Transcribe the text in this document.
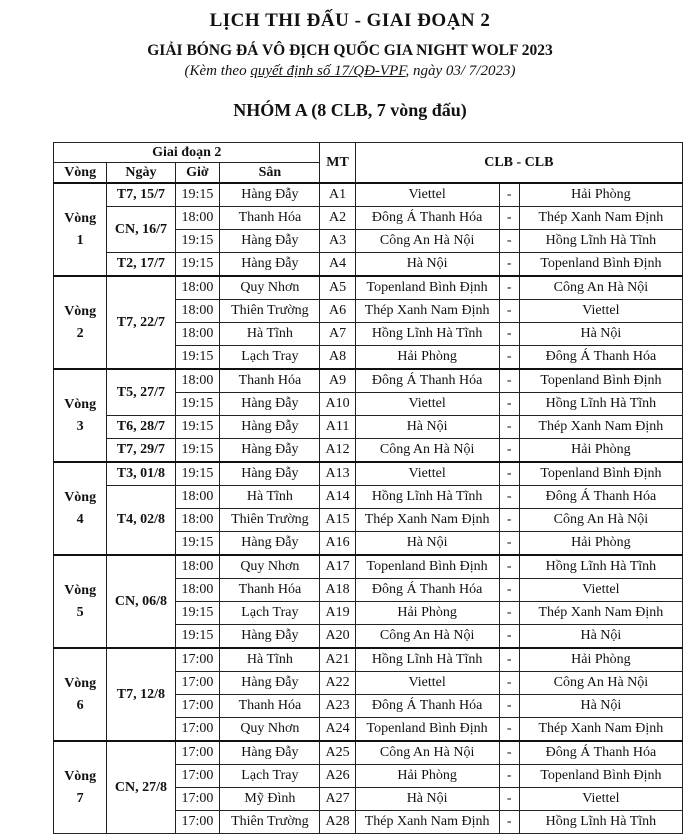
LỊCH THI ĐẤU - GIAI ĐOẠN 2
GIẢI BÓNG ĐÁ VÔ ĐỊCH QUỐC GIA NIGHT WOLF 2023
(Kèm theo quyết định số 17/QĐ-VPF, ngày 03/ 7/2023)
NHÓM A (8 CLB, 7 vòng đấu)
Giai đoạn 2				MT	CLB - CLB		
Vòng	Ngày	Giờ	Sân				

Vòng
1	T7, 15/7	19:15	Hàng Đẫy	A1	Viettel	-	Hải Phòng
	CN, 16/7	18:00	Thanh Hóa	A2	Đông Á Thanh Hóa	-	Thép Xanh Nam Định
		19:15	Hàng Đẫy	A3	Công An Hà Nội	-	Hồng Lĩnh Hà Tĩnh
	T2, 17/7	19:15	Hàng Đẫy	A4	Hà Nội	-	Topenland Bình Định

Vòng
2	T7, 22/7	18:00	Quy Nhơn	A5	Topenland Bình Định	-	Công An Hà Nội
		18:00	Thiên Trường	A6	Thép Xanh Nam Định	-	Viettel
		18:00	Hà Tĩnh	A7	Hồng Lĩnh Hà Tĩnh	-	Hà Nội
		19:15	Lạch Tray	A8	Hải Phòng	-	Đông Á Thanh Hóa

Vòng
3	T5, 27/7	18:00	Thanh Hóa	A9	Đông Á Thanh Hóa	-	Topenland Bình Định
		19:15	Hàng Đẫy	A10	Viettel	-	Hồng Lĩnh Hà Tĩnh
	T6, 28/7	19:15	Hàng Đẫy	A11	Hà Nội	-	Thép Xanh Nam Định
	T7, 29/7	19:15	Hàng Đẫy	A12	Công An Hà Nội	-	Hải Phòng

Vòng
4	T3, 01/8	19:15	Hàng Đẫy	A13	Viettel	-	Topenland Bình Định
	T4, 02/8	18:00	Hà Tĩnh	A14	Hồng Lĩnh Hà Tĩnh	-	Đông Á Thanh Hóa
		18:00	Thiên Trường	A15	Thép Xanh Nam Định	-	Công An Hà Nội
		19:15	Hàng Đẫy	A16	Hà Nội	-	Hải Phòng

Vòng
5	CN, 06/8	18:00	Quy Nhơn	A17	Topenland Bình Định	-	Hồng Lĩnh Hà Tĩnh
		18:00	Thanh Hóa	A18	Đông Á Thanh Hóa	-	Viettel
		19:15	Lạch Tray	A19	Hải Phòng	-	Thép Xanh Nam Định
		19:15	Hàng Đẫy	A20	Công An Hà Nội	-	Hà Nội

Vòng
6	T7, 12/8	17:00	Hà Tĩnh	A21	Hồng Lĩnh Hà Tĩnh	-	Hải Phòng
		17:00	Hàng Đẫy	A22	Viettel	-	Công An Hà Nội
		17:00	Thanh Hóa	A23	Đông Á Thanh Hóa	-	Hà Nội
		17:00	Quy Nhơn	A24	Topenland Bình Định	-	Thép Xanh Nam Định

Vòng
7	CN, 27/8	17:00	Hàng Đẫy	A25	Công An Hà Nội	-	Đông Á Thanh Hóa
		17:00	Lạch Tray	A26	Hải Phòng	-	Topenland Bình Định
		17:00	Mỹ Đình	A27	Hà Nội	-	Viettel
		17:00	Thiên Trường	A28	Thép Xanh Nam Định	-	Hồng Lĩnh Hà Tĩnh
